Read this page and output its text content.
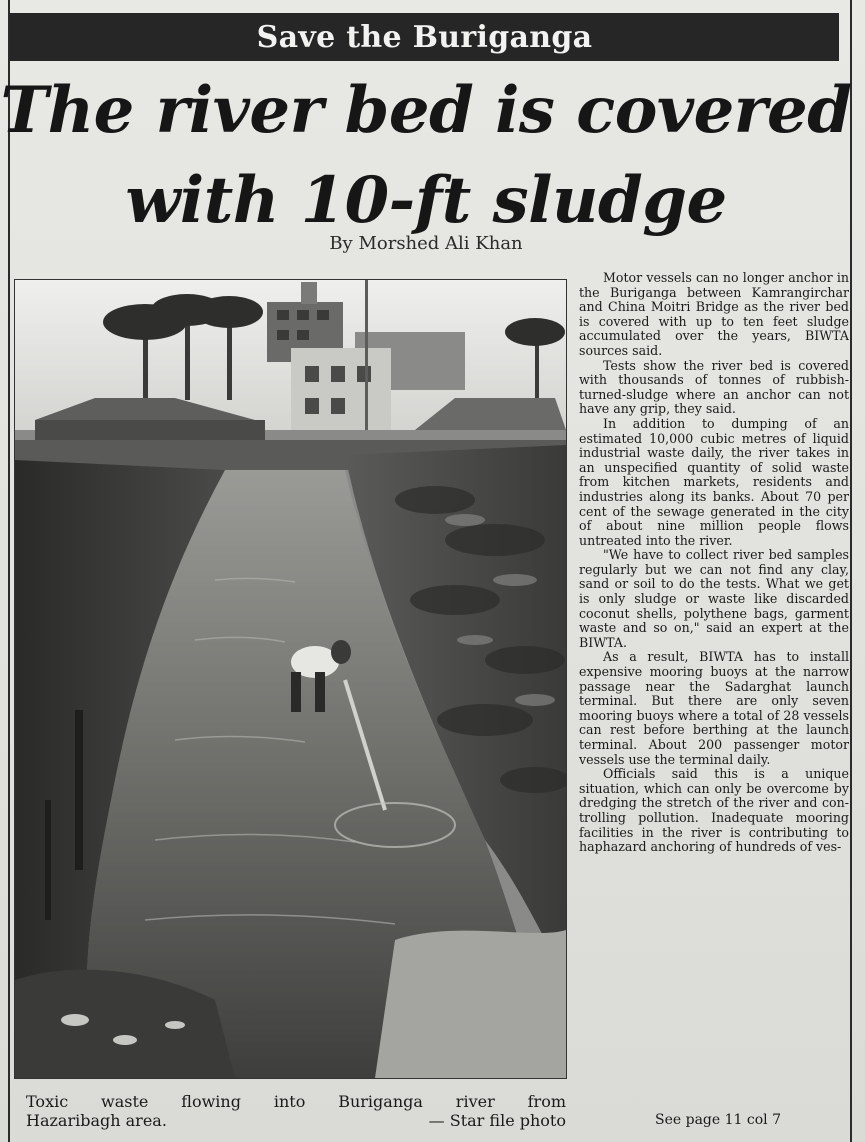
Save the Buriganga
The river bed is covered
with 10-ft sludge
By Morshed Ali Khan
Toxic waste flowing into Buriganga river from
Hazaribagh area.	— Star file photo

Motor vessels can no longer anchor in the Buriganga between Kamrangirchar and China Moitri Bridge as the river bed is covered with up to ten feet sludge accumulated over the years, BIWTA sources said.

Tests show the river bed is covered with thousands of tonnes of rubbish-turned-sludge where an anchor can not have any grip, they said.

In addition to dumping of an estimated 10,000 cubic metres of liquid industrial waste daily, the river takes in an unspecified quantity of solid waste from kitchen markets, residents and industries along its banks. About 70 per cent of the sewage generated in the city of about nine million people flows untreated into the river.

"We have to collect river bed samples regularly but we can not find any clay, sand or soil to do the tests. What we get is only sludge or waste like discarded coconut shells, polythene bags, garment waste and so on," said an expert at the BIWTA.

As a result, BIWTA has to install expensive mooring buoys at the narrow passage near the Sadarghat launch terminal. But there are only seven mooring buoys where a total of 28 vessels can rest before berthing at the launch terminal. About 200 passenger motor vessels use the terminal daily.

Officials said this is a unique situation, which can only be overcome by dredging the stretch of the river and controlling pollution. Inadequate mooring facilities in the river is contributing to haphazard anchoring of hundreds of ves-

See page 11 col 7
